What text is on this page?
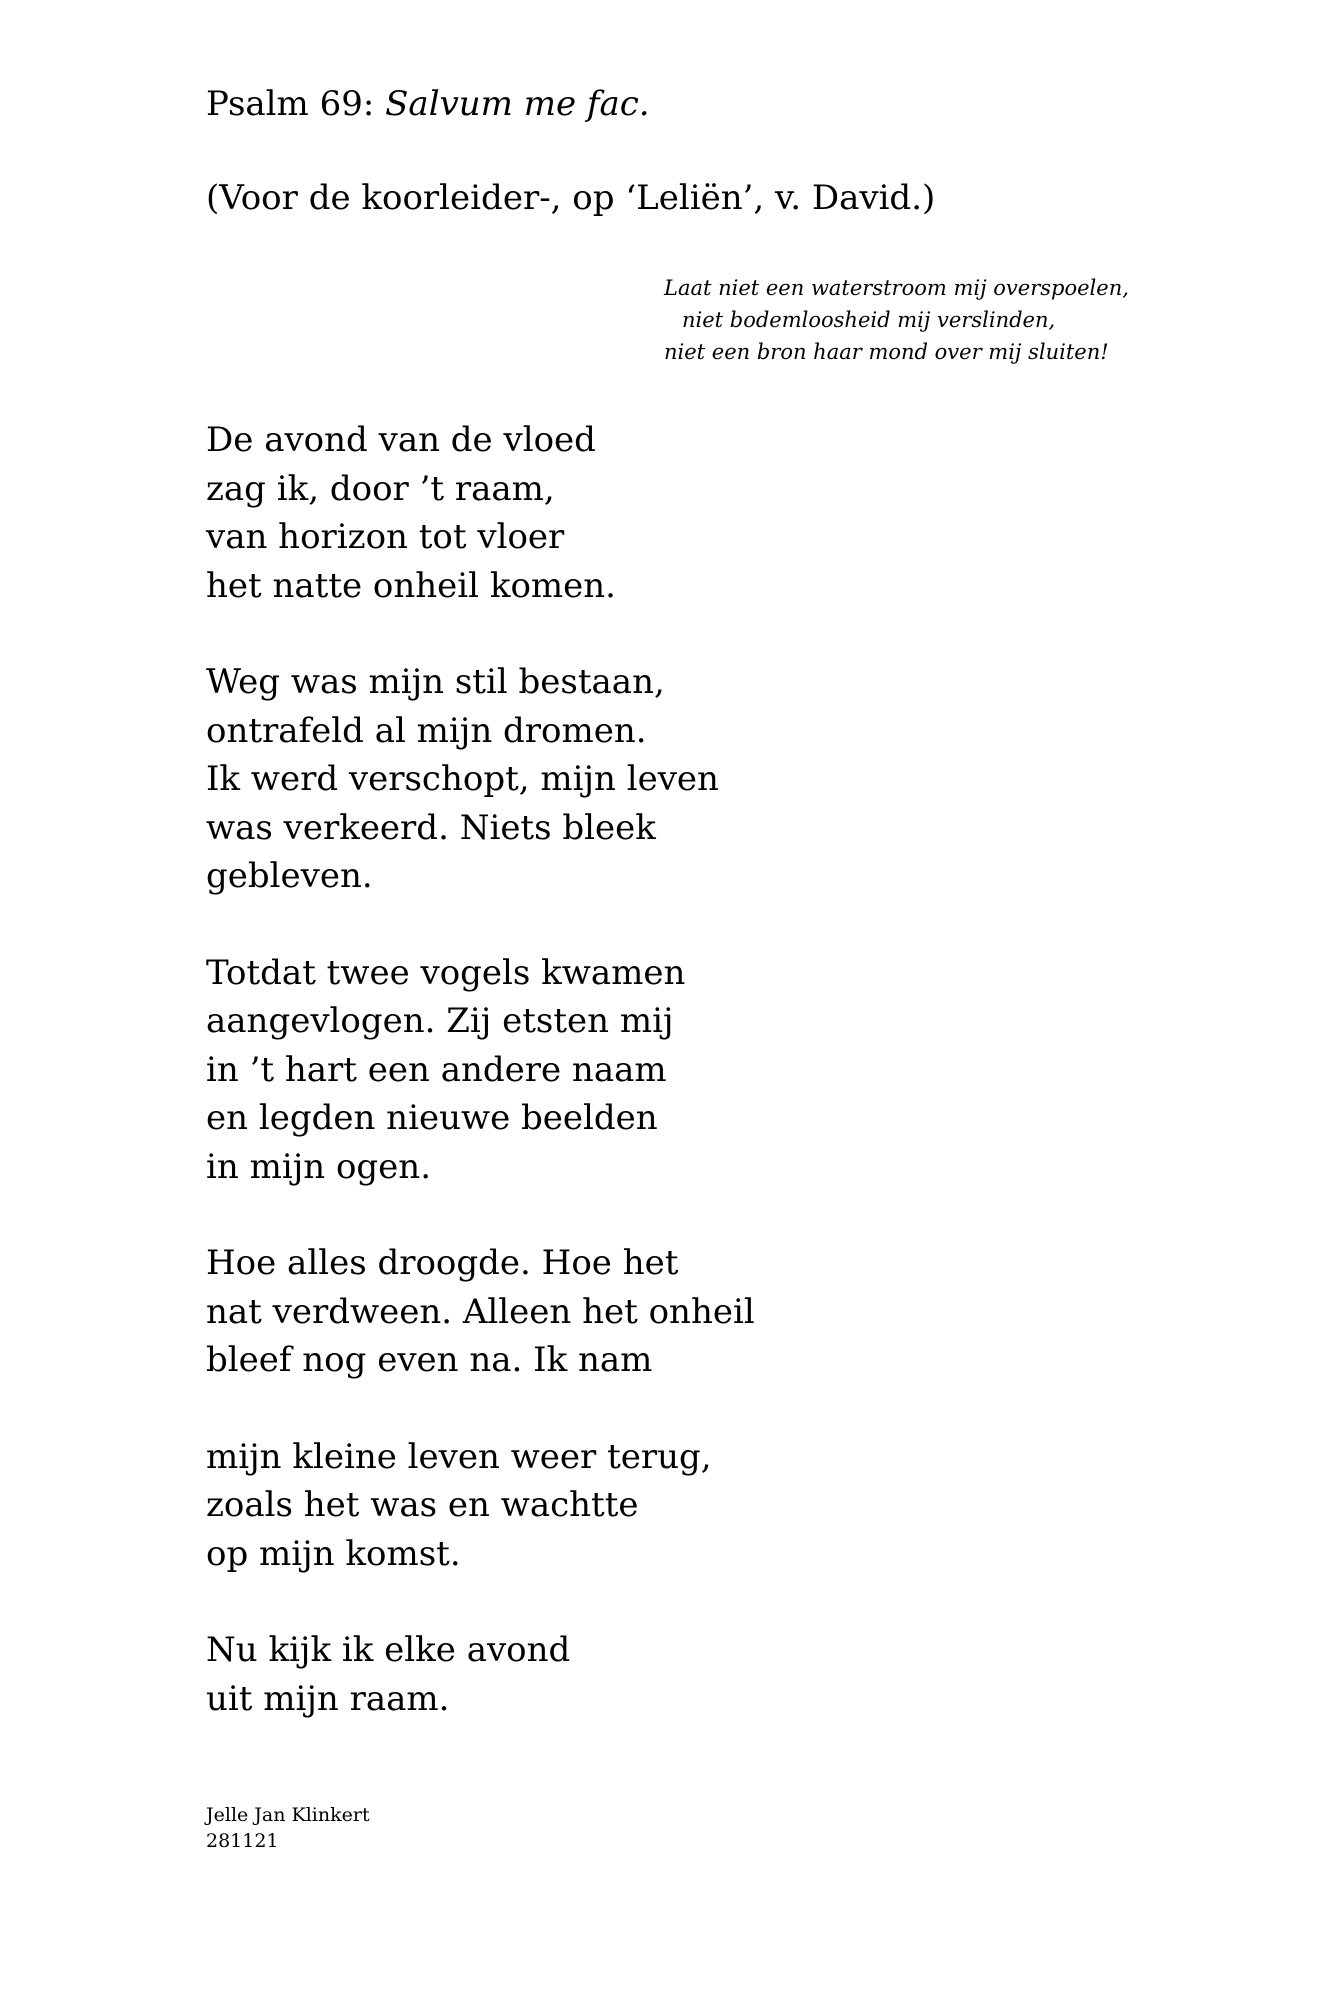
Psalm 69: Salvum me fac.
(Voor de koorleider-, op ‘Leliën’, v. David.)
Laat niet een waterstroom mij overspoelen,
niet bodemloosheid mij verslinden,
niet een bron haar mond over mij sluiten!
De avond van de vloed
zag ik, door ’t raam,
van horizon tot vloer
het natte onheil komen.
Weg was mijn stil bestaan,
ontrafeld al mijn dromen.
Ik werd verschopt, mijn leven
was verkeerd. Niets bleek
gebleven.
Totdat twee vogels kwamen
aangevlogen. Zij etsten mij
in ’t hart een andere naam
en legden nieuwe beelden
in mijn ogen.
Hoe alles droogde. Hoe het
nat verdween. Alleen het onheil
bleef nog even na. Ik nam
mijn kleine leven weer terug,
zoals het was en wachtte
op mijn komst.
Nu kijk ik elke avond
uit mijn raam.
Jelle Jan Klinkert
281121
